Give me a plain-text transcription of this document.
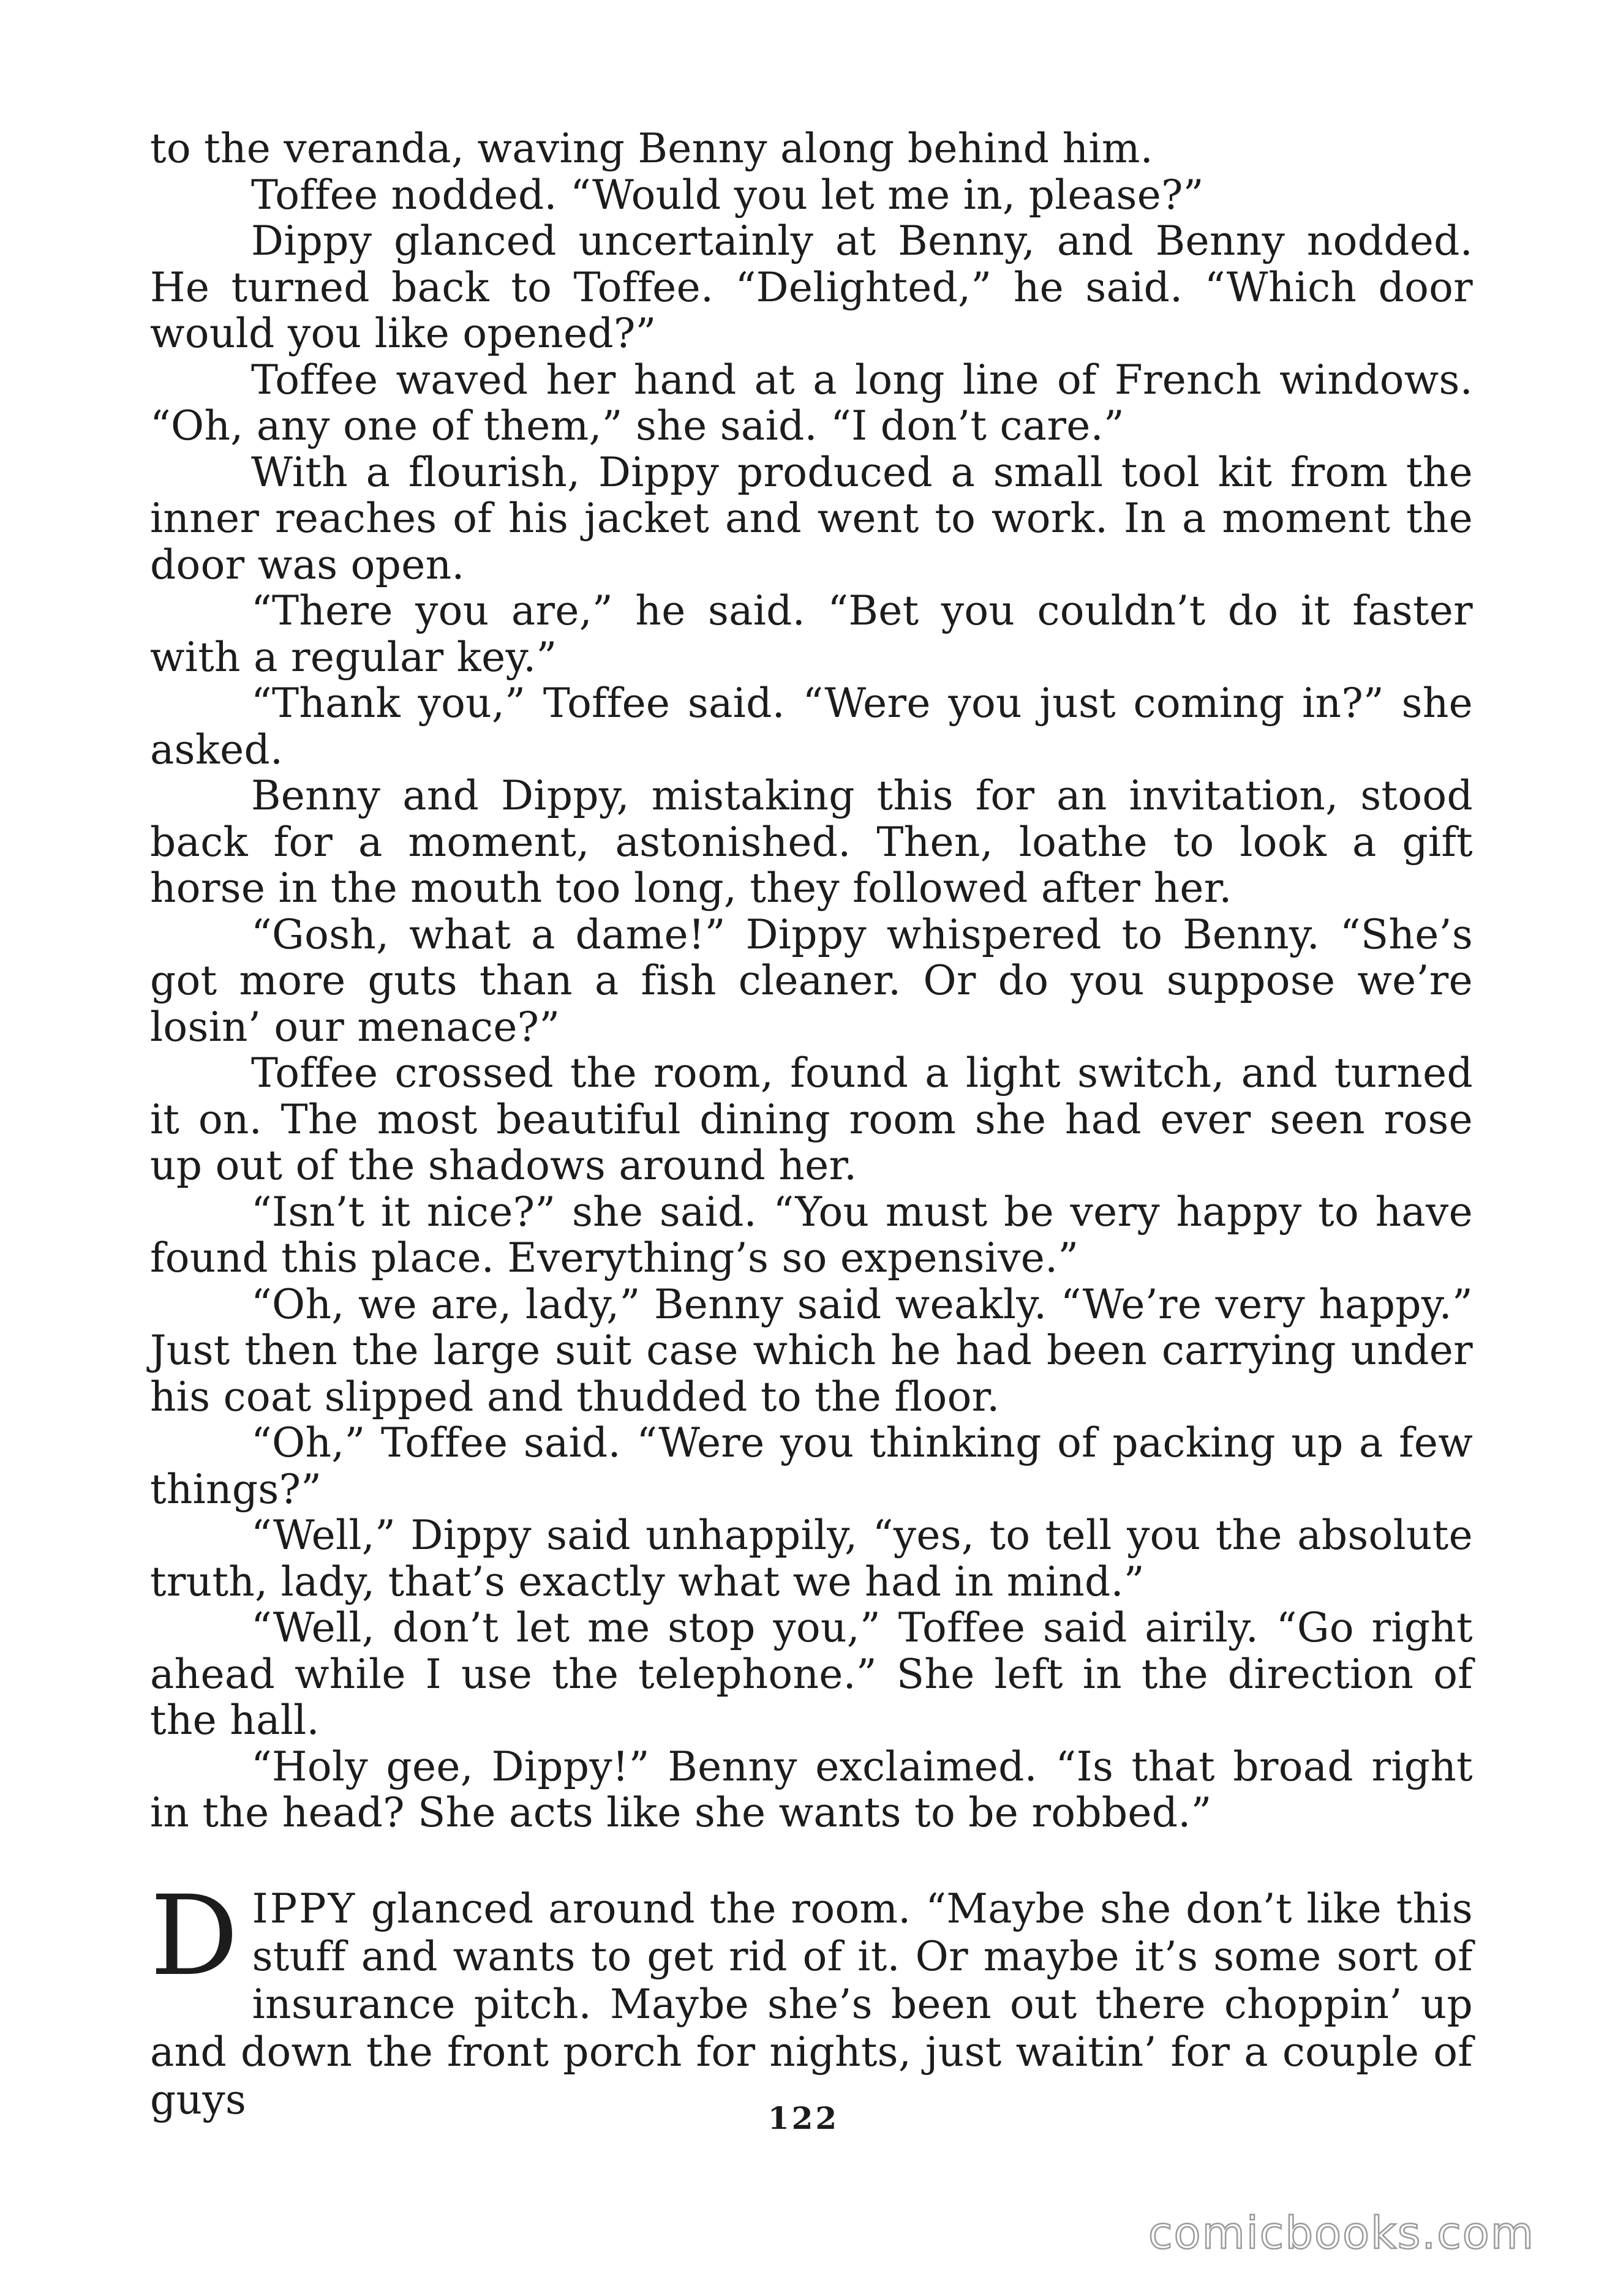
to the veranda, waving Benny along behind him.

Toffee nodded. “Would you let me in, please?”

Dippy glanced uncertainly at Benny, and Benny nodded. He turned back to Toffee. “Delighted,” he said. “Which door would you like opened?”

Toffee waved her hand at a long line of French windows. “Oh, any one of them,” she said. “I don’t care.”

With a flourish, Dippy produced a small tool kit from the inner reaches of his jacket and went to work. In a moment the door was open.

“There you are,” he said. “Bet you couldn’t do it faster with a regular key.”

“Thank you,” Toffee said. “Were you just coming in?” she asked.

Benny and Dippy, mistaking this for an invitation, stood back for a moment, astonished. Then, loathe to look a gift horse in the mouth too long, they followed after her.

“Gosh, what a dame!” Dippy whispered to Benny. “She’s got more guts than a fish cleaner. Or do you suppose we’re losin’ our menace?”

Toffee crossed the room, found a light switch, and turned it on. The most beautiful dining room she had ever seen rose up out of the shadows around her.

“Isn’t it nice?” she said. “You must be very happy to have found this place. Everything’s so expensive.”

“Oh, we are, lady,” Benny said weakly. “We’re very happy.” Just then the large suit case which he had been carrying under his coat slipped and thudded to the floor.

“Oh,” Toffee said. “Were you thinking of packing up a few things?”

“Well,” Dippy said unhappily, “yes, to tell you the absolute truth, lady, that’s exactly what we had in mind.”

“Well, don’t let me stop you,” Toffee said airily. “Go right ahead while I use the telephone.” She left in the direction of the hall.

“Holy gee, Dippy!” Benny exclaimed. “Is that broad right in the head? She acts like she wants to be robbed.”

DIPPY glanced around the room. “Maybe she don’t like this stuff and wants to get rid of it. Or maybe it’s some sort of insurance pitch. Maybe she’s been out there choppin’ up and down the front porch for nights, just waitin’ for a couple of guys	122
comicbooks.com
